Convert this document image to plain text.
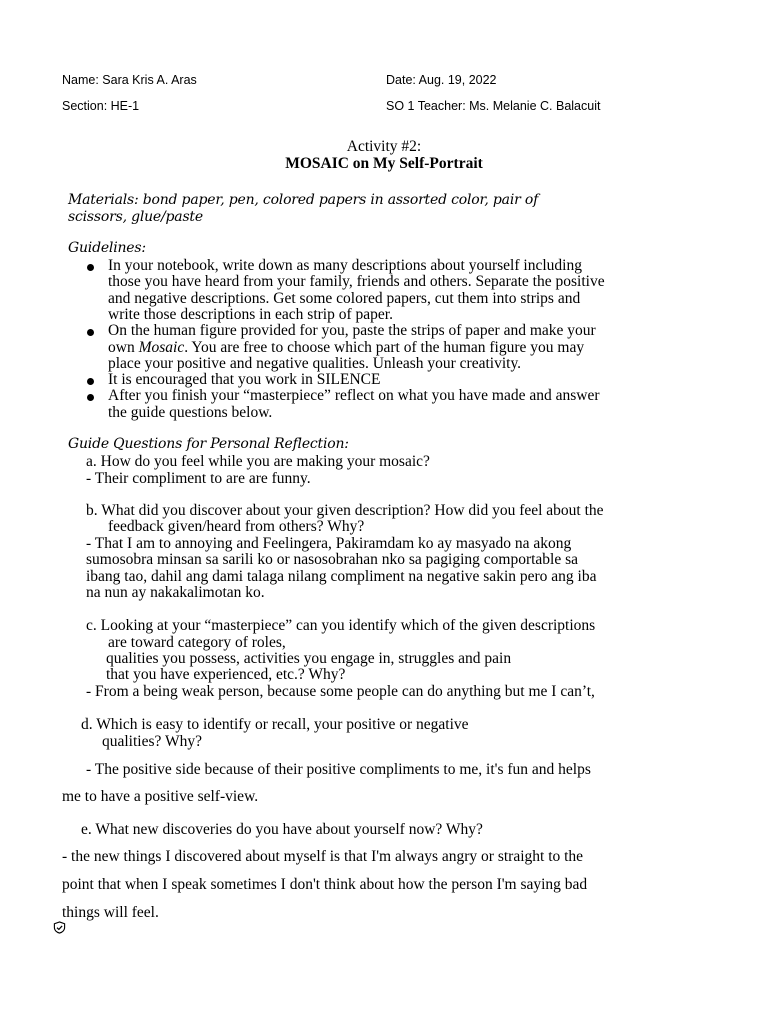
Name: Sara Kris A. Aras	Date: Aug. 19, 2022
Section: HE-1	SO 1 Teacher: Ms. Melanie C. Balacuit
Activity #2:
MOSAIC on My Self-Portrait
Materials: bond paper, pen, colored papers in assorted color, pair of
scissors, glue/paste
Guidelines:
In your notebook, write down as many descriptions about yourself including
those you have heard from your family, friends and others. Separate the positive
and negative descriptions. Get some colored papers, cut them into strips and
write those descriptions in each strip of paper.
On the human figure provided for you, paste the strips of paper and make your
own Mosaic. You are free to choose which part of the human figure you may
place your positive and negative qualities. Unleash your creativity.
It is encouraged that you work in SILENCE
After you finish your “masterpiece” reflect on what you have made and answer
the guide questions below.
Guide Questions for Personal Reflection:
a. How do you feel while you are making your mosaic?
- Their compliment to are are funny.
b. What did you discover about your given description? How did you feel about the
feedback given/heard from others? Why?
- That I am to annoying and Feelingera, Pakiramdam ko ay masyado na akong
sumosobra minsan sa sarili ko or nasosobrahan nko sa pagiging comportable sa
ibang tao, dahil ang dami talaga nilang compliment na negative sakin pero ang iba
na nun ay nakakalimotan ko.
c. Looking at your “masterpiece” can you identify which of the given descriptions
are toward category of roles,
qualities you possess, activities you engage in, struggles and pain
that you have experienced, etc.? Why?
- From a being weak person, because some people can do anything but me I can’t,
d. Which is easy to identify or recall, your positive or negative
qualities? Why?
- The positive side because of their positive compliments to me, it's fun and helps
me to have a positive self-view.
e. What new discoveries do you have about yourself now? Why?
- the new things I discovered about myself is that I'm always angry or straight to the
point that when I speak sometimes I don't think about how the person I'm saying bad
things will feel.
